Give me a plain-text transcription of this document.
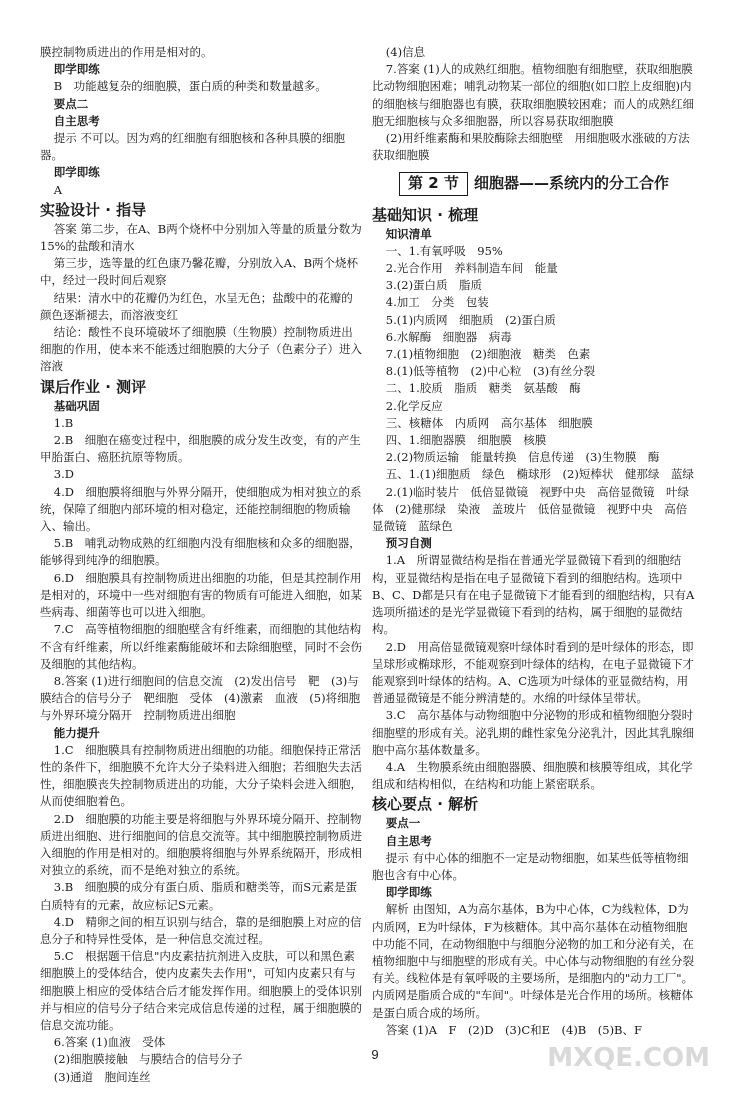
膜控制物质进出的作用是相对的。

即学即练

B　功能越复杂的细胞膜，蛋白质的种类和数量越多。

要点二

自主思考

提示 不可以。因为鸡的红细胞有细胞核和各种具膜的细胞器。

即学即练

A

实验设计 · 指导

答案 第二步，在A、B两个烧杯中分别加入等量的质量分数为15%的盐酸和清水

第三步，选等量的红色康乃馨花瓣，分别放入A、B两个烧杯中，经过一段时间后观察

结果：清水中的花瓣仍为红色，水呈无色；盐酸中的花瓣的颜色逐渐褪去，而溶液变红

结论：酸性不良环境破坏了细胞膜（生物膜）控制物质进出细胞的作用，使本来不能透过细胞膜的大分子（色素分子）进入溶液

课后作业 · 测评

基础巩固

1.B

2.B　细胞在癌变过程中，细胞膜的成分发生改变，有的产生甲胎蛋白、癌胚抗原等物质。

3.D

4.D　细胞膜将细胞与外界分隔开，使细胞成为相对独立的系统，保障了细胞内部环境的相对稳定，还能控制细胞的物质输入、输出。

5.B　哺乳动物成熟的红细胞内没有细胞核和众多的细胞器，能够得到纯净的细胞膜。

6.D　细胞膜具有控制物质进出细胞的功能，但是其控制作用是相对的，环境中一些对细胞有害的物质有可能进入细胞，如某些病毒、细菌等也可以进入细胞。

7.C　高等植物细胞的细胞壁含有纤维素，而细胞的其他结构不含有纤维素，所以纤维素酶能破坏和去除细胞壁，同时不会伤及细胞的其他结构。

8.答案 (1)进行细胞间的信息交流　(2)发出信号　靶　(3)与膜结合的信号分子　靶细胞　受体　(4)激素　血液　(5)将细胞与外界环境分隔开　控制物质进出细胞

能力提升

1.C　细胞膜具有控制物质进出细胞的功能。细胞保持正常活性的条件下，细胞膜不允许大分子染料进入细胞；若细胞失去活性，细胞膜丧失控制物质进出的功能，大分子染料会进入细胞，从而使细胞着色。

2.D　细胞膜的功能主要是将细胞与外界环境分隔开、控制物质进出细胞、进行细胞间的信息交流等。其中细胞膜控制物质进入细胞的作用是相对的。细胞膜将细胞与外界系统隔开，形成相对独立的系统，而不是绝对独立的系统。

3.B　细胞膜的成分有蛋白质、脂质和糖类等，而S元素是蛋白质特有的元素，故应标记S元素。

4.D　精卵之间的相互识别与结合，靠的是细胞膜上对应的信息分子和特异性受体，是一种信息交流过程。

5.C　根据题干信息"内皮素拮抗剂进入皮肤，可以和黑色素细胞膜上的受体结合，使内皮素失去作用"，可知内皮素只有与细胞膜上相应的受体结合后才能发挥作用。细胞膜上的受体识别并与相应的信号分子结合来完成信息传递的过程，属于细胞膜的信息交流功能。

6.答案 (1)血液　受体

(2)细胞膜接触　与膜结合的信号分子

(3)通道　胞间连丝

(4)信息

7.答案 (1)人的成熟红细胞。植物细胞有细胞壁，获取细胞膜比动物细胞困难；哺乳动物某一部位的细胞(如口腔上皮细胞)内的细胞核与细胞器也有膜，获取细胞膜较困难；而人的成熟红细胞无细胞核与众多细胞器，所以容易获取细胞膜

(2)用纤维素酶和果胶酶除去细胞壁　用细胞吸水涨破的方法获取细胞膜

第 2 节	细胞器——系统内的分工合作

基础知识 · 梳理

知识清单

一、1.有氧呼吸　95%

2.光合作用　养料制造车间　能量

3.(2)蛋白质　脂质

4.加工　分类　包装

5.(1)内质网　细胞质　(2)蛋白质

6.水解酶　细胞器　病毒

7.(1)植物细胞　(2)细胞液　糖类　色素

8.(1)低等植物　(2)中心粒　(3)有丝分裂

二、1.胶质　脂质　糖类　氨基酸　酶

2.化学反应

三、核糖体　内质网　高尔基体　细胞膜

四、1.细胞器膜　细胞膜　核膜

2.(2)物质运输　能量转换　信息传递　(3)生物膜　酶

五、1.(1)细胞质　绿色　椭球形　(2)短棒状　健那绿　蓝绿

2.(1)临时装片　低倍显微镜　视野中央　高倍显微镜　叶绿体　(2)健那绿　染液　盖玻片　低倍显微镜　视野中央　高倍显微镜　蓝绿色

预习自测

1.A　所谓显微结构是指在普通光学显微镜下看到的细胞结构，亚显微结构是指在电子显微镜下看到的细胞结构。选项中B、C、D都是只有在电子显微镜下才能看到的细胞结构，只有A选项所描述的是光学显微镜下看到的结构，属于细胞的显微结构。

2.D　用高倍显微镜观察叶绿体时看到的是叶绿体的形态，即呈球形或椭球形，不能观察到叶绿体的结构，在电子显微镜下才能观察到叶绿体的结构。A、C选项为叶绿体的亚显微结构，用普通显微镜是不能分辨清楚的。水绵的叶绿体呈带状。

3.C　高尔基体与动物细胞中分泌物的形成和植物细胞分裂时细胞壁的形成有关。泌乳期的雌性家兔分泌乳汁，因此其乳腺细胞中高尔基体数量多。

4.A　生物膜系统由细胞器膜、细胞膜和核膜等组成，其化学组成和结构相似，在结构和功能上紧密联系。

核心要点 · 解析

要点一

自主思考

提示 有中心体的细胞不一定是动物细胞，如某些低等植物细胞也含有中心体。

即学即练

解析 由图知，A为高尔基体，B为中心体，C为线粒体，D为内质网，E为叶绿体，F为核糖体。其中高尔基体在动植物细胞中功能不同，在动物细胞中与细胞分泌物的加工和分泌有关，在植物细胞中与细胞壁的形成有关。中心体与动物细胞的有丝分裂有关。线粒体是有氧呼吸的主要场所，是细胞内的"动力工厂"。内质网是脂质合成的"车间"。叶绿体是光合作用的场所。核糖体是蛋白质合成的场所。

答案 (1)A　F　(2)D　(3)C和E　(4)B　(5)B、F

9	MXQE.COM
